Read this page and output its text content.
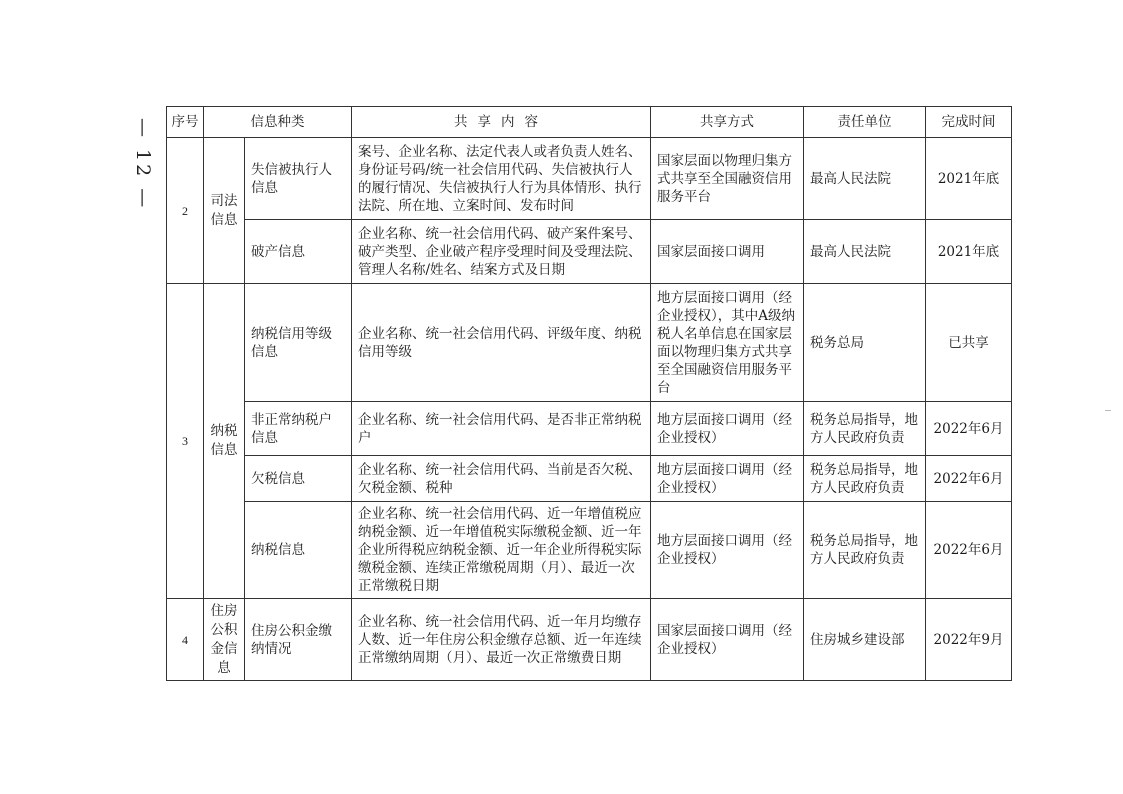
— 12 — 序号	信息种类		共享内容	共享方式	责任单位	完成时间
2	司法信息	失信被执行人信息	案号、企业名称、法定代表人或者负责人姓名、身份证号码/统一社会信用代码、失信被执行人的履行情况、失信被执行人行为具体情形、执行法院、所在地、立案时间、发布时间	国家层面以物理归集方式共享至全国融资信用服务平台	最高人民法院	2021年底
		破产信息	企业名称、统一社会信用代码、破产案件案号、破产类型、企业破产程序受理时间及受理法院、管理人名称/姓名、结案方式及日期	国家层面接口调用	最高人民法院	2021年底
3	纳税信息	纳税信用等级信息	企业名称、统一社会信用代码、评级年度、纳税信用等级	地方层面接口调用（经企业授权），其中A级纳税人名单信息在国家层面以物理归集方式共享至全国融资信用服务平台	税务总局	已共享
		非正常纳税户信息	企业名称、统一社会信用代码、是否非正常纳税户	地方层面接口调用（经企业授权）	税务总局指导，地方人民政府负责	2022年6月
		欠税信息	企业名称、统一社会信用代码、当前是否欠税、欠税金额、税种	地方层面接口调用（经企业授权）	税务总局指导，地方人民政府负责	2022年6月
		纳税信息	企业名称、统一社会信用代码、近一年增值税应纳税金额、近一年增值税实际缴税金额、近一年企业所得税应纳税金额、近一年企业所得税实际缴税金额、连续正常缴税周期（月）、最近一次正常缴税日期	地方层面接口调用（经企业授权）	税务总局指导，地方人民政府负责	2022年6月
4	住房公积金信息	住房公积金缴纳情况	企业名称、统一社会信用代码、近一年月均缴存人数、近一年住房公积金缴存总额、近一年连续正常缴纳周期（月）、最近一次正常缴费日期	国家层面接口调用（经企业授权）	住房城乡建设部	2022年9月
